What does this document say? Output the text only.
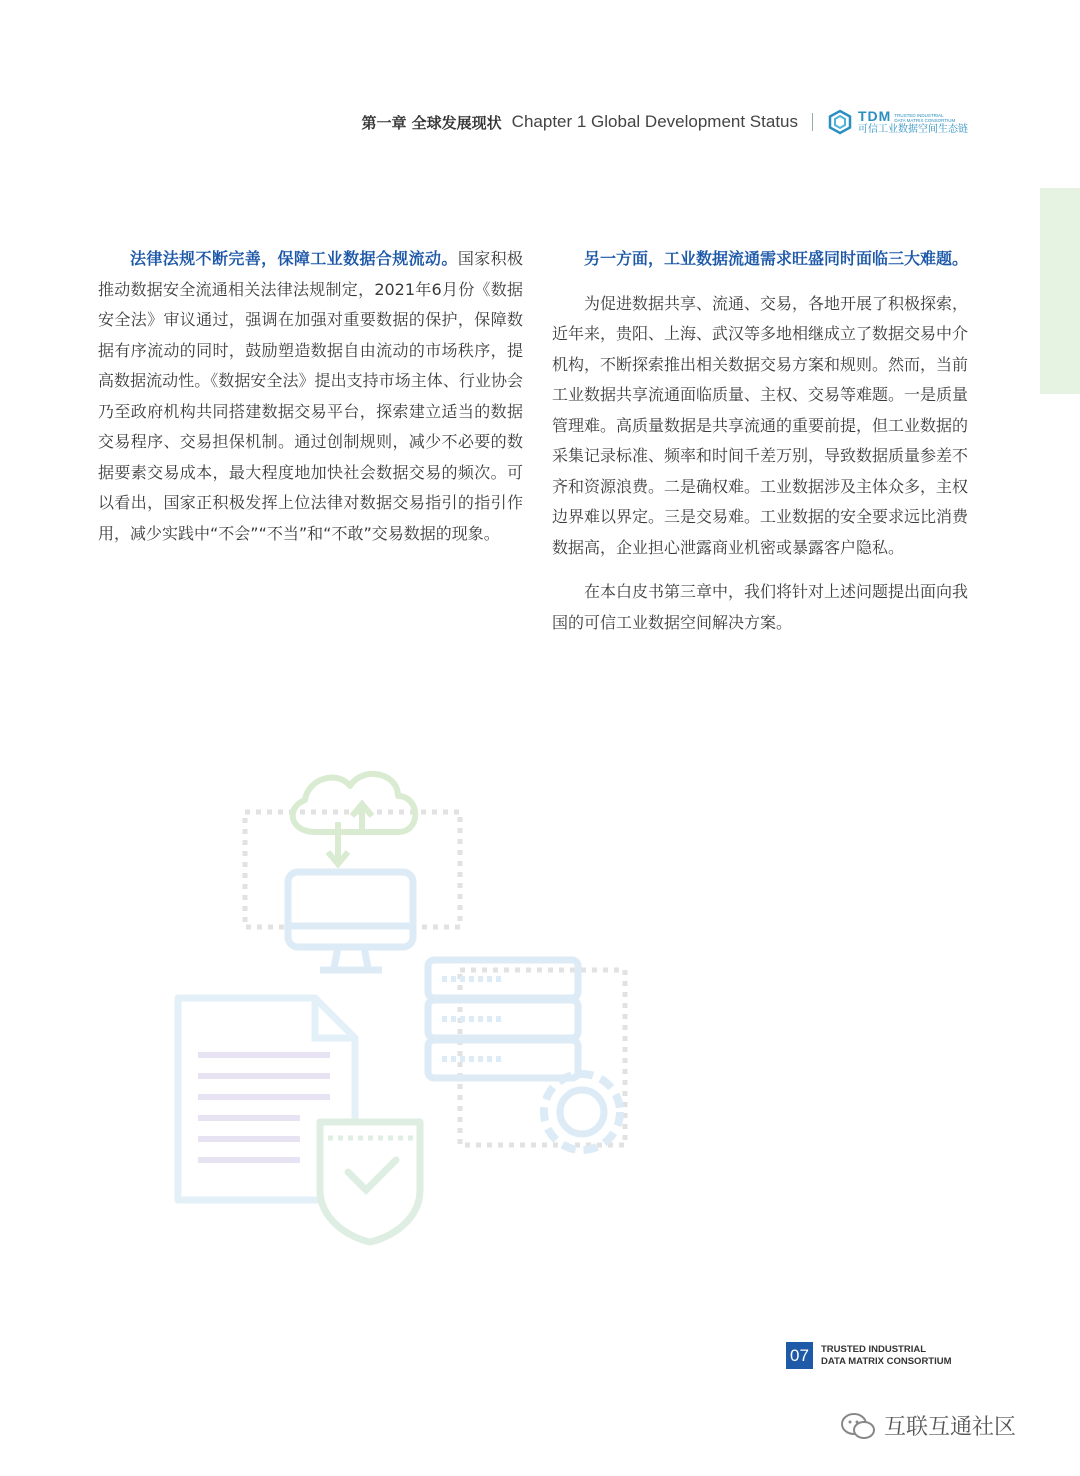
第一章 全球发展现状 Chapter 1 Global Development Status	TDM TRUSTED INDUSTRIAL
DATA MATRIX CONSORTIUM
可信工业数据空间生态链

法律法规不断完善，保障工业数据合规流动。国家积极推动数据安全流通相关法律法规制定，2021年6月份《数据安全法》审议通过，强调在加强对重要数据的保护，保障数据有序流动的同时，鼓励塑造数据自由流动的市场秩序，提高数据流动性。《数据安全法》提出支持市场主体、行业协会乃至政府机构共同搭建数据交易平台，探索建立适当的数据交易程序、交易担保机制。通过创制规则，减少不必要的数据要素交易成本，最大程度地加快社会数据交易的频次。可以看出，国家正积极发挥上位法律对数据交易指引的指引作用，减少实践中“不会”“不当”和“不敢”交易数据的现象。

另一方面，工业数据流通需求旺盛同时面临三大难题。

为促进数据共享、流通、交易，各地开展了积极探索，近年来，贵阳、上海、武汉等多地相继成立了数据交易中介机构，不断探索推出相关数据交易方案和规则。然而，当前工业数据共享流通面临质量、主权、交易等难题。一是质量管理难。高质量数据是共享流通的重要前提，但工业数据的采集记录标准、频率和时间千差万别，导致数据质量参差不齐和资源浪费。二是确权难。工业数据涉及主体众多，主权边界难以界定。三是交易难。工业数据的安全要求远比消费数据高，企业担心泄露商业机密或暴露客户隐私。

在本白皮书第三章中，我们将针对上述问题提出面向我国的可信工业数据空间解决方案。

07	TRUSTED INDUSTRIAL
DATA MATRIX CONSORTIUM
互联互通社区
